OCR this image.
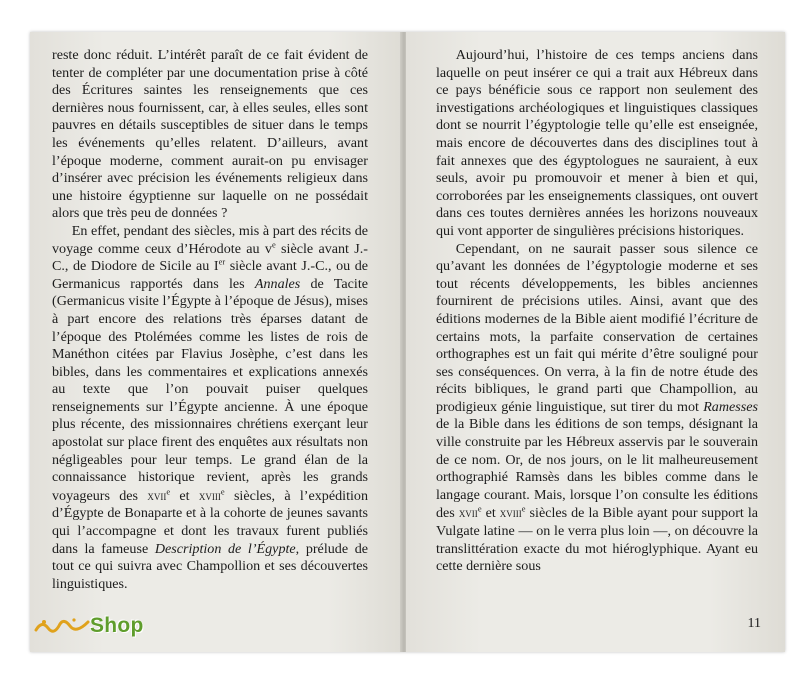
reste donc réduit. L’intérêt paraît de ce fait évident de tenter de compléter par une documentation prise à côté des Écritures saintes les renseignements que ces dernières nous fournissent, car, à elles seules, elles sont pauvres en détails susceptibles de situer dans le temps les événements qu’elles relatent. D’ailleurs, avant l’époque moderne, comment aurait-on pu envisager d’insérer avec précision les événements religieux dans une histoire égyptienne sur laquelle on ne possédait alors que très peu de données ?

En effet, pendant des siècles, mis à part des récits de voyage comme ceux d’Hérodote au $v^e$ siècle avant J.-C., de Diodore de Sicile au Ier siècle avant J.-C., ou de Germanicus rapportés dans les Annales de Tacite (Germanicus visite l’Égypte à l’époque de Jésus), mises à part encore des relations très éparses datant de l’époque des Ptolémées comme les listes de rois de Manéthon citées par Flavius Josèphe, c’est dans les bibles, dans les commentaires et explications annexés au texte que l’on pouvait puiser quelques renseignements sur l’Égypte ancienne. À une époque plus récente, des missionnaires chrétiens exerçant leur apostolat sur place firent des enquêtes aux résultats non négligeables pour leur temps. Le grand élan de la connaissance historique revient, après les grands voyageurs des xvii$^e$ et xviii$^e$ siècles, à l’expédition d’Égypte de Bonaparte et à la cohorte de jeunes savants qui l’accompagne et dont les travaux furent publiés dans la fameuse Description de l’Égypte, prélude de tout ce qui suivra avec Champollion et ses découvertes linguistiques.

Aujourd’hui, l’histoire de ces temps anciens dans laquelle on peut insérer ce qui a trait aux Hébreux dans ce pays bénéficie sous ce rapport non seulement des investigations archéologiques et linguistiques classiques dont se nourrit l’égyptologie telle qu’elle est enseignée, mais encore de découvertes dans des disciplines tout à fait annexes que des égyptologues ne sauraient, à eux seuls, avoir pu promouvoir et mener à bien et qui, corroborées par les enseignements classiques, ont ouvert dans ces toutes dernières années les horizons nouveaux qui vont apporter de singulières précisions historiques.

Cependant, on ne saurait passer sous silence ce qu’avant les données de l’égyptologie moderne et ses tout récents développements, les bibles anciennes fournirent de précisions utiles. Ainsi, avant que des éditions modernes de la Bible aient modifié l’écriture de certains mots, la parfaite conservation de certaines orthographes est un fait qui mérite d’être souligné pour ses conséquences. On verra, à la fin de notre étude des récits bibliques, le grand parti que Champollion, au prodigieux génie linguistique, sut tirer du mot Ramesses de la Bible dans les éditions de son temps, désignant la ville construite par les Hébreux asservis par le souverain de ce nom. Or, de nos jours, on le lit malheureusement orthographié Ramsès dans les bibles comme dans le langage courant. Mais, lorsque l’on consulte les éditions des xvii$^e$ et xviii$^e$ siècles de la Bible ayant pour support la Vulgate latine — on le verra plus loin —, on découvre la translittération exacte du mot hiéroglyphique. Ayant eu cette dernière sous

11
Shop
